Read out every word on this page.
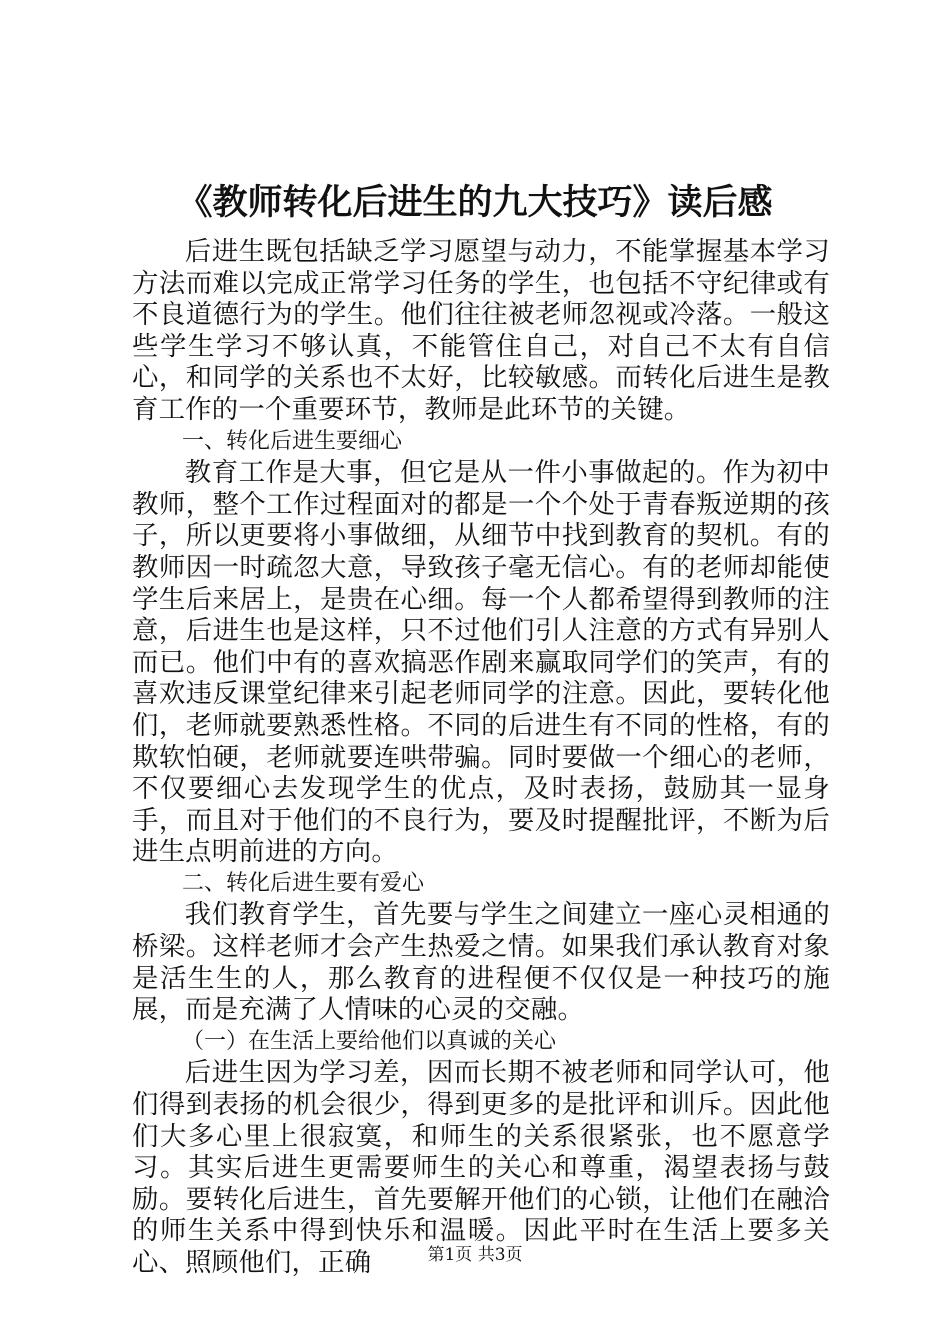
《教师转化后进生的九大技巧》读后感

后进生既包括缺乏学习愿望与动力，不能掌握基本学习方法而难以完成正常学习任务的学生，也包括不守纪律或有不良道德行为的学生。他们往往被老师忽视或冷落。一般这些学生学习不够认真，不能管住自己，对自己不太有自信心，和同学的关系也不太好，比较敏感。而转化后进生是教育工作的一个重要环节，教师是此环节的关键。

一、转化后进生要细心

教育工作是大事，但它是从一件小事做起的。作为初中教师，整个工作过程面对的都是一个个处于青春叛逆期的孩子，所以更要将小事做细，从细节中找到教育的契机。有的教师因一时疏忽大意，导致孩子毫无信心。有的老师却能使学生后来居上，是贵在心细。每一个人都希望得到教师的注意，后进生也是这样，只不过他们引人注意的方式有异别人而已。他们中有的喜欢搞恶作剧来赢取同学们的笑声，有的喜欢违反课堂纪律来引起老师同学的注意。因此，要转化他们，老师就要熟悉性格。不同的后进生有不同的性格，有的欺软怕硬，老师就要连哄带骗。同时要做一个细心的老师，不仅要细心去发现学生的优点，及时表扬，鼓励其一显身手，而且对于他们的不良行为，要及时提醒批评，不断为后进生点明前进的方向。

二、转化后进生要有爱心

我们教育学生，首先要与学生之间建立一座心灵相通的桥梁。这样老师才会产生热爱之情。如果我们承认教育对象是活生生的人，那么教育的进程便不仅仅是一种技巧的施展，而是充满了人情味的心灵的交融。

（一）在生活上要给他们以真诚的关心

后进生因为学习差，因而长期不被老师和同学认可，他们得到表扬的机会很少，得到更多的是批评和训斥。因此他们大多心里上很寂寞，和师生的关系很紧张，也不愿意学习。其实后进生更需要师生的关心和尊重，渴望表扬与鼓励。要转化后进生，首先要解开他们的心锁，让他们在融洽的师生关系中得到快乐和温暖。因此平时在生活上要多关心、照顾他们，正确	第1页 共3页
